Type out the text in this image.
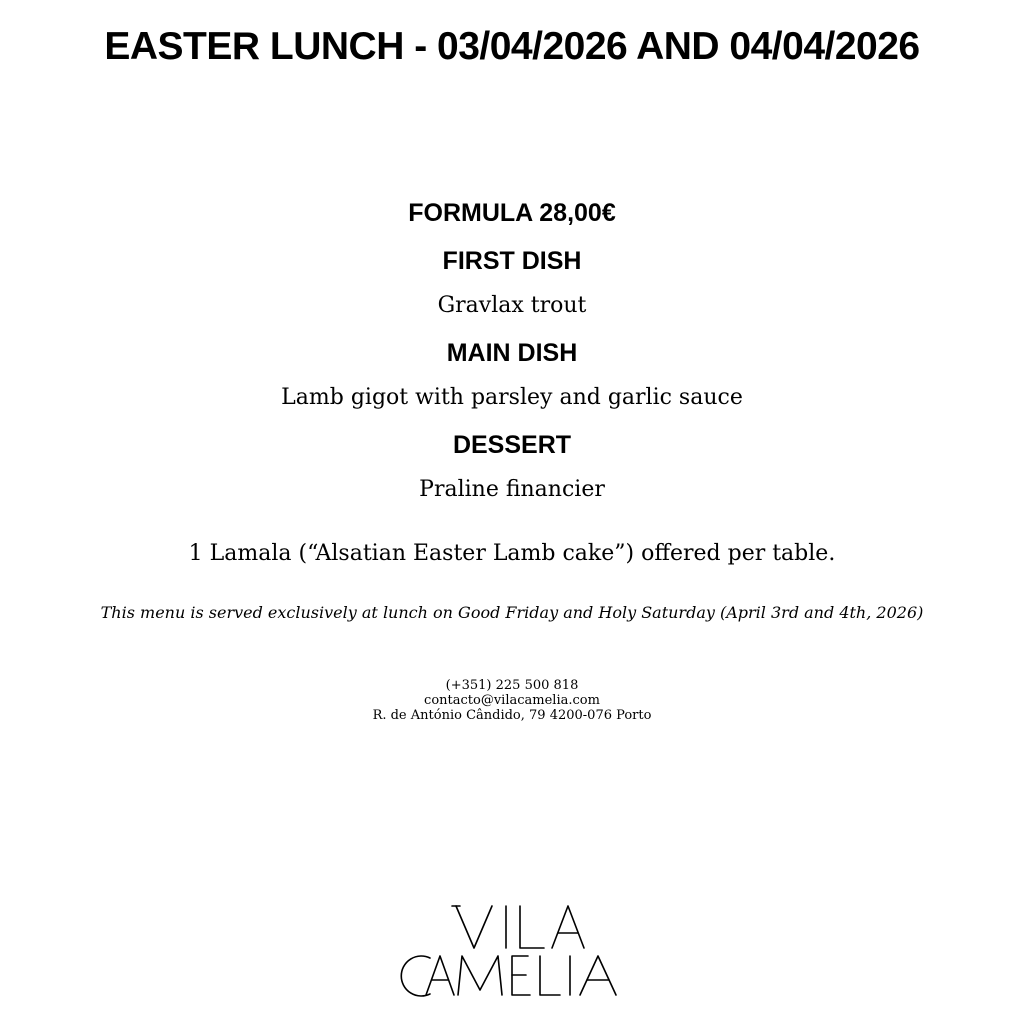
EASTER LUNCH - 03/04/2026 AND 04/04/2026
FORMULA 28,00€
FIRST DISH
Gravlax trout
MAIN DISH
Lamb gigot with parsley and garlic sauce
DESSERT
Praline financier
1 Lamala (“Alsatian Easter Lamb cake”) offered per table.
This menu is served exclusively at lunch on Good Friday and Holy Saturday (April 3rd and 4th, 2026)
(+351) 225 500 818
contacto@vilacamelia.com
R. de António Cândido, 79 4200-076 Porto
